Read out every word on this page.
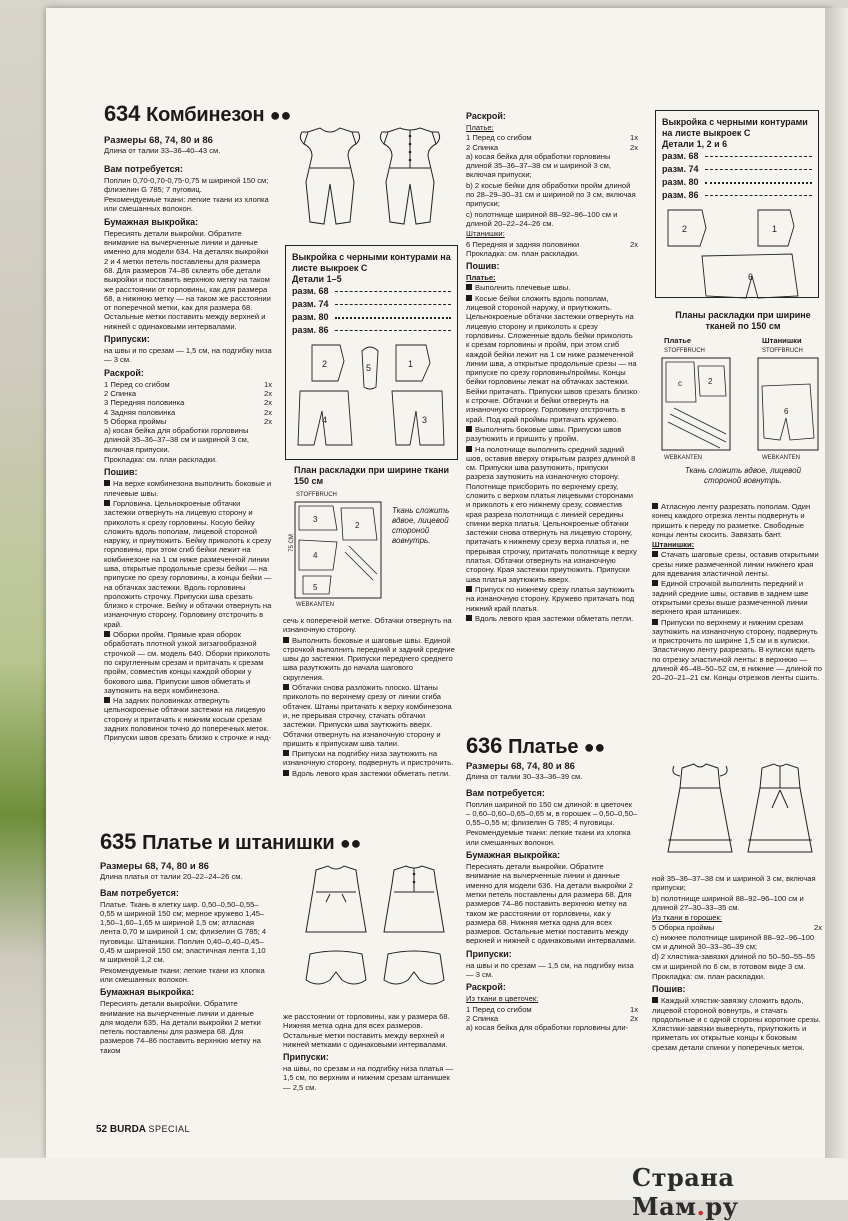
634 Комбинезон ●●

Размеры 68, 74, 80 и 86

Длина от талии 33–36–40–43 см.

Вам потребуется:

Поплин 0,70-0,70-0,75-0,75 м шириной 150 см; флизелин G 785; 7 пуговиц.

Рекомендуемые ткани: легкие ткани из хлопка или смешанных волокон.

Бумажная выкройка:

Пересиять детали выкройки. Обратите внимание на вычерченные линии и данные именно для модели 634. На деталях выкройки 2 и 4 метки петель поставлены для размера 68. Для размеров 74–86 склеить обе детали выкройки и поставить верхнюю метку на таком же расстоянии от горловины, как для размера 68, а нижнюю метку — на таком же расстоянии от поперечной метки, как для размера 68. Остальные метки поставить между верхней и нижней с одинаковыми интервалами.

Припуски:

на швы и по срезам — 1,5 см, на подгибку низа — 3 см.

Раскрой:

1 Перед со сгибом	1x
2 Спинка	2x
3 Передняя половинка	2x
4 Задняя половинка	2x
5 Оборка проймы	2x

а) косая бейка для обработки горловины длиной 35–36–37–38 см и шириной 3 см, включая припуски.

Прокладка: см. план раскладки.

Пошив:

На верхе комбинезона выполнить боковые и плечевые швы.

Горловина. Цельнокроеные обтачки застежки отвернуть на лицевую сторону и приколоть к срезу горловины. Косую бейку сложить вдоль пополам, лицевой стороной наружу, и приутюжить. Бейку приколоть к срезу горловины, при этом сгиб бейки лежит на комбинезоне на 1 см ниже размеченной линии шва, открытые продольные срезы бейки — на припуске по срезу горловины, а концы бейки — на обтачках застежки. Вдоль горловины проложить строчку. Припуски шва срезать близко к строчке. Бейку и обтачки отвернуть на изнаночную сторону. Горловину отстрочить в край.

Оборки пройм. Прямые края оборок обработать плотной узкой зигзагообразной строчкой — см. модель 640. Оборки приколоть по скругленным срезам и притачать к срезам пройм, совместив концы каждой оборки у бокового шва. Припуски швов обметать и заутюжить на верх комбинезона.

На задних половинках отвернуть цельнокроеные обтачки застежки на лицевую сторону и притачать к нижним косым срезам задних половинок точно до поперечных меток. Припуски швов срезать близко к строчке и над-

Выкройка с черными контурами на листе выкроек С

Детали 1–5

разм. 68
разм. 74
разм. 80
разм. 86
2	5	1
4	3

План раскладки при ширине ткани 150 см

STOFFBRUCH
3
2
4
5
75 CM
WEBKANTEN
Ткань сложить вдвое, лицевой стороной вовнутрь.

сечь к поперечной метке. Обтачки отвернуть на изнаночную сторону.

Выполнить боковые и шаговые швы. Единой строчкой выполнить передний и задний средние швы до застежки. Припуски переднего среднего шва разутюжить до начала шагового скругления.

Обтачки снова разложить плоско. Штаны приколоть по верхнему срезу от линии сгиба обтачек. Штаны притачать к верху комбинезона и, не прерывая строчку, стачать обтачки застежки. Припуски шва заутюжить вверх. Обтачки отвернуть на изнаночную сторону и пришить к припускам шва талии.

Припуски на подгибку низа заутюжить на изнаночную сторону, подвернуть и пристрочить.

Вдоль левого края застежки обметать петли.

635 Платье и штанишки ●●

Размеры 68, 74, 80 и 86

Длина платья от талии 20–22–24–26 см.

Вам потребуется:

Платье. Ткань в клетку шир. 0,50–0,50–0,55–0,55 м шириной 150 см; мерное кружево 1,45–1,50–1,60–1,65 м шириной 1,5 см; атласная лента 0,70 м шириной 1 см; флизелин G 785; 4 пуговицы. Штанишки. Поплин 0,40–0,40–0,45–0,45 м шириной 150 см; эластичная лента 1,10 м шириной 1,2 см.

Рекомендуемые ткани: легкие ткани из хлопка или смешанных волокон.

Бумажная выкройка:

Пересиять детали выкройки. Обратите внимание на вычерченные линии и данные для модели 635. На детали выкройки 2 метки петель поставлены для размера 68. Для размеров 74–86 поставить верхнюю метку на таком

же расстоянии от горловины, как у размера 68. Нижняя метка одна для всех размеров. Остальные метки поставить между верхней и нижней метками с одинаковыми интервалами.

Припуски:

на швы, по срезам и на подгибку низа платья — 1,5 см, по верхним и нижним срезам штанишек — 2,5 см.

Раскрой:

Платье:

1 Перед со сгибом	1x
2 Спинка	2x

а) косая бейка для обработки горловины длиной 35–36–37–38 см и шириной 3 см, включая припуски;

b) 2 косые бейки для обработки пройм длиной по 28–29–30–31 см и шириной по 3 см, включая припуски;

с) полотнище шириной 88–92–96–100 см и длиной 20–22–24–26 см.

Штанишки:

6 Передняя и задняя половинки	2x

Прокладка: см. план раскладки.

Пошив:

Платье:

Выполнить плечевые швы.

Косые бейки сложить вдоль пополам, лицевой стороной наружу, и приутюжить. Цельнокроеные обтачки застежки отвернуть на лицевую сторону и приколоть к срезу горловины. Сложенные вдоль бейки приколоть к срезам горловины и пройм, при этом сгиб каждой бейки лежит на 1 см ниже размеченной линии шва, а открытые продольные срезы — на припуске по срезу горловины/проймы. Концы бейки горловины лежат на обтачках застежки. Бейки притачать. Припуски швов срезать близко к строчке. Обтачки и бейки отвернуть на изнаночную сторону. Горловину отстрочить в край. Под край проймы притачать кружево.

Выполнить боковые швы. Припуски швов разутюжить и пришить у пройм.

На полотнище выполнить средний задний шов, оставив вверху открытым разрез длиной 8 см. Припуски шва разутюжить, припуски разреза заутюжить на изнаночную сторону. Полотнище присборить по верхнему срезу, сложить с верхом платья лицевыми сторонами и приколоть к его нижнему срезу, совместив края разреза полотнища с линией середины спинки верха платья. Цельнокроеные обтачки застежки снова отвернуть на лицевую сторону, притачать к нижнему срезу верха платья и, не прерывая строчку, притачать полотнище к верху платья. Обтачки отвернуть на изнаночную сторону. Края застежки приутюжить. Припуски шва платья заутюжить вверх.

Припуск по нижнему срезу платья заутюжить на изнаночную сторону. Кружево притачать под нижний край платья.

Вдоль левого края застежки обметать петли.

Выкройка с черными контурами на листе выкроек С

Детали 1, 2 и 6

разм. 68
разм. 74
разм. 80
разм. 86
2	1
6

Планы раскладки при ширине тканей по 150 см

Платье	Штанишки
STOFFBRUCH	STOFFBRUCH
c	2
6
WEBKANTEN	WEBKANTEN
Ткань сложить вдвое, лицевой стороной вовнутрь.

Атласную ленту разрезать пополам. Один конец каждого отрезка ленты подвернуть и пришить к переду по разметке. Свободные концы ленты скосить. Завязать бант.

Штанишки:

Стачать шаговые срезы, оставив открытыми срезы ниже размеченной линии нижнего края для вдевания эластичной ленты.

Единой строчкой выполнить передний и задний средние швы, оставив в заднем шве открытыми срезы выше размеченной линии верхнего края штанишек.

Припуски по верхнему и нижним срезам заутюжить на изнаночную сторону, подвернуть и пристрочить по ширине 1,5 см и в кулиски. Эластичную ленту разрезать. В кулиски вдеть по отрезку эластичной ленты: в верхнюю — длиной 46–48–50–52 см, в нижние — длиной по 20–20–21–21 см. Концы отрезков ленты сшить.

636 Платье ●●

Размеры 68, 74, 80 и 86

Длина от талии 30–33–36–39 см.

Вам потребуется:

Поплин шириной по 150 см длиной: в цветочек – 0,60–0,60–0,65–0,65 м, в горошек – 0,50–0,50–0,55–0,55 м; флизелин G 785; 4 пуговицы.

Рекомендуемые ткани: легкие ткани из хлопка или смешанных волокон.

Бумажная выкройка:

Пересиять детали выкройки. Обратите внимание на вычерченные линии и данные именно для модели 636. На детали выкройки 2 метки петель поставлены для размера 68. Для размеров 74–86 поставить верхнюю метку на таком же расстоянии от горловины, как у размера 68. Нижняя метка одна для всех размеров. Остальные метки поставить между верхней и нижней с одинаковыми интервалами.

Припуски:

на швы и по срезам — 1,5 см, на подгибку низа — 3 см.

Раскрой:

Из ткани в цветочек:

1 Перед со сгибом	1x
2 Спинка	2x

а) косая бейка для обработки горловины дли-

ной 35–36–37–38 см и шириной 3 см, включая припуски;

b) полотнище шириной 88–92–96–100 см и длиной 27–30–33–35 см.

Из ткани в горошек:

5 Оборка проймы	2x

с) нижнее полотнище шириной 88–92–96–100 см и длиной 30–33–36–39 см;

d) 2 хлястика-завязки длиной по 50–50–55–55 см и шириной по 6 см, в готовом виде 3 см.

Прокладка: см. план раскладки.

Пошив:

Каждый хлястик-завязку сложить вдоль, лицевой стороной вовнутрь, и стачать продольные и с одной стороны короткие срезы. Хлястики-завязки вывернуть, приутюжить и приметать их открытые концы к боковым срезам детали спинки у поперечных меток.

52 BURDA SPECIAL
Страна Мам.ру
